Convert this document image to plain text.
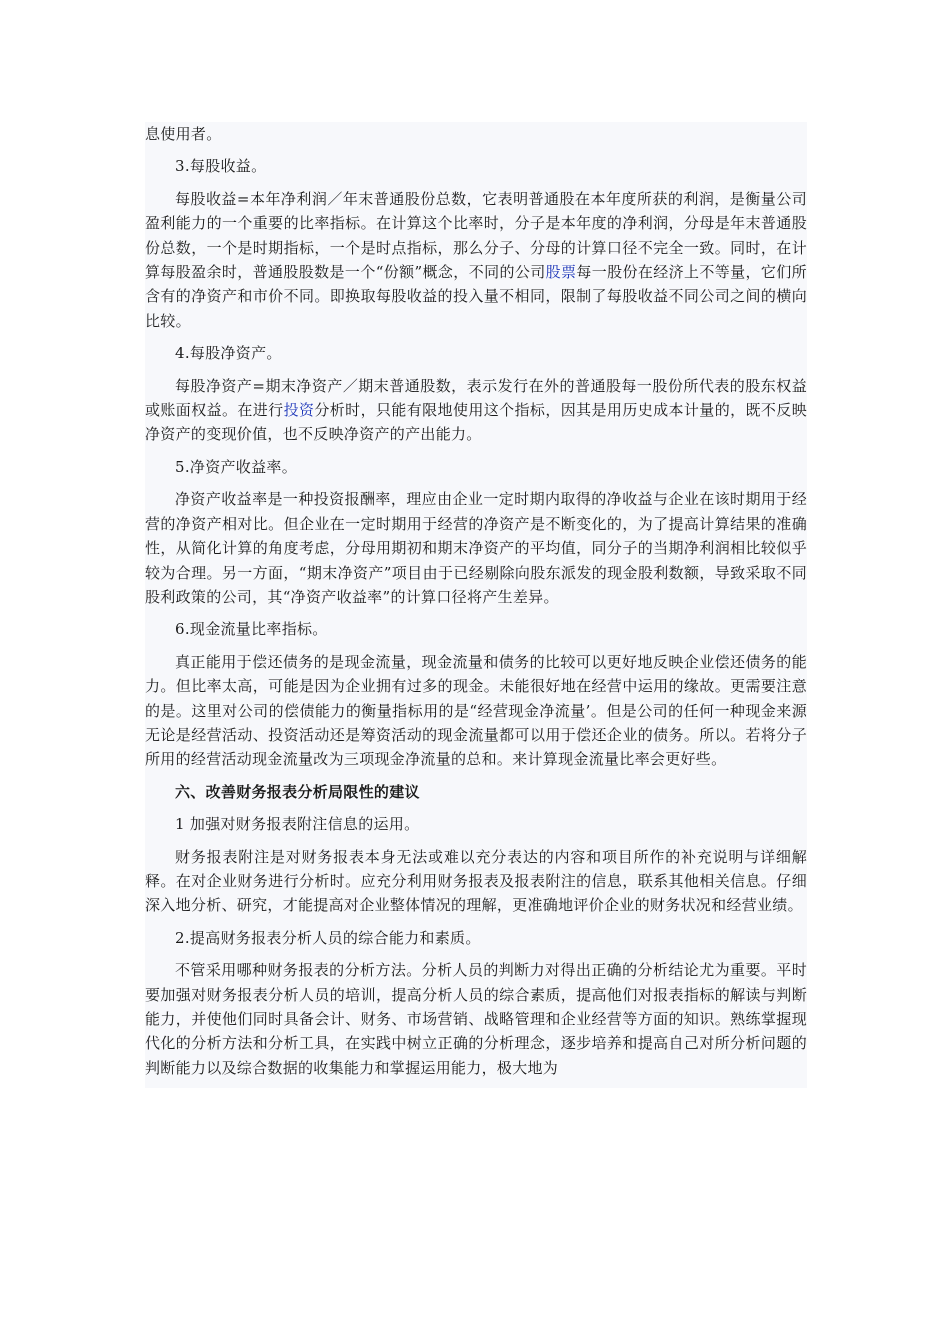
息使用者。

3.每股收益。

每股收益=本年净利润／年末普通股份总数，它表明普通股在本年度所获的利润，是衡量公司盈利能力的一个重要的比率指标。在计算这个比率时，分子是本年度的净利润，分母是年末普通股份总数，一个是时期指标，一个是时点指标，那么分子、分母的计算口径不完全一致。同时，在计算每股盈余时，普通股股数是一个“份额”概念，不同的公司股票每一股份在经济上不等量，它们所含有的净资产和市价不同。即换取每股收益的投入量不相同，限制了每股收益不同公司之间的横向比较。

4.每股净资产。

每股净资产=期末净资产／期末普通股数，表示发行在外的普通股每一股份所代表的股东权益或账面权益。在进行投资分析时，只能有限地使用这个指标，因其是用历史成本计量的，既不反映净资产的变现价值，也不反映净资产的产出能力。

5.净资产收益率。

净资产收益率是一种投资报酬率，理应由企业一定时期内取得的净收益与企业在该时期用于经营的净资产相对比。但企业在一定时期用于经营的净资产是不断变化的，为了提高计算结果的准确性，从简化计算的角度考虑，分母用期初和期末净资产的平均值，同分子的当期净利润相比较似乎较为合理。另一方面，“期末净资产”项目由于已经剔除向股东派发的现金股利数额，导致采取不同股利政策的公司，其“净资产收益率”的计算口径将产生差异。

6.现金流量比率指标。

真正能用于偿还债务的是现金流量，现金流量和债务的比较可以更好地反映企业偿还债务的能力。但比率太高，可能是因为企业拥有过多的现金。未能很好地在经营中运用的缘故。更需要注意的是。这里对公司的偿债能力的衡量指标用的是“经营现金净流量’。但是公司的任何一种现金来源无论是经营活动、投资活动还是筹资活动的现金流量都可以用于偿还企业的债务。所以。若将分子所用的经营活动现金流量改为三项现金净流量的总和。来计算现金流量比率会更好些。

六、改善财务报表分析局限性的建议

1 加强对财务报表附注信息的运用。

财务报表附注是对财务报表本身无法或难以充分表达的内容和项目所作的补充说明与详细解释。在对企业财务进行分析时。应充分利用财务报表及报表附注的信息，联系其他相关信息。仔细深入地分析、研究，才能提高对企业整体情况的理解，更准确地评价企业的财务状况和经营业绩。

2.提高财务报表分析人员的综合能力和素质。

不管采用哪种财务报表的分析方法。分析人员的判断力对得出正确的分析结论尤为重要。平时要加强对财务报表分析人员的培训，提高分析人员的综合素质，提高他们对报表指标的解读与判断能力，并使他们同时具备会计、财务、市场营销、战略管理和企业经营等方面的知识。熟练掌握现代化的分析方法和分析工具，在实践中树立正确的分析理念，逐步培养和提高自己对所分析问题的判断能力以及综合数据的收集能力和掌握运用能力，极大地为
